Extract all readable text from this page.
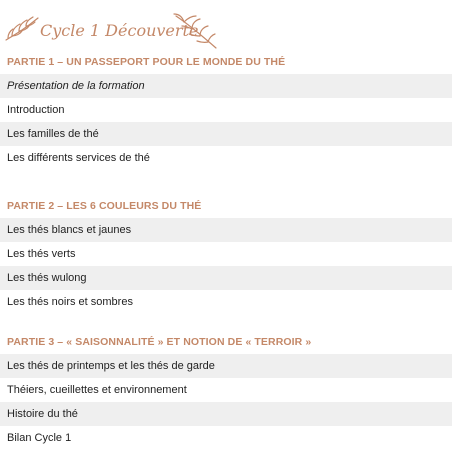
Cycle 1 Découverte
PARTIE 1 – UN PASSEPORT POUR LE MONDE DU THÉ
Présentation de la formation
Introduction
Les familles de thé
Les différents services de thé
PARTIE 2 – LES 6 COULEURS DU THÉ
Les thés blancs et jaunes
Les thés verts
Les thés wulong
Les thés noirs et sombres
PARTIE 3 – « SAISONNALITÉ » ET NOTION DE « TERROIR »
Les thés de printemps et les thés de garde
Théiers, cueillettes et environnement
Histoire du thé
Bilan Cycle 1
